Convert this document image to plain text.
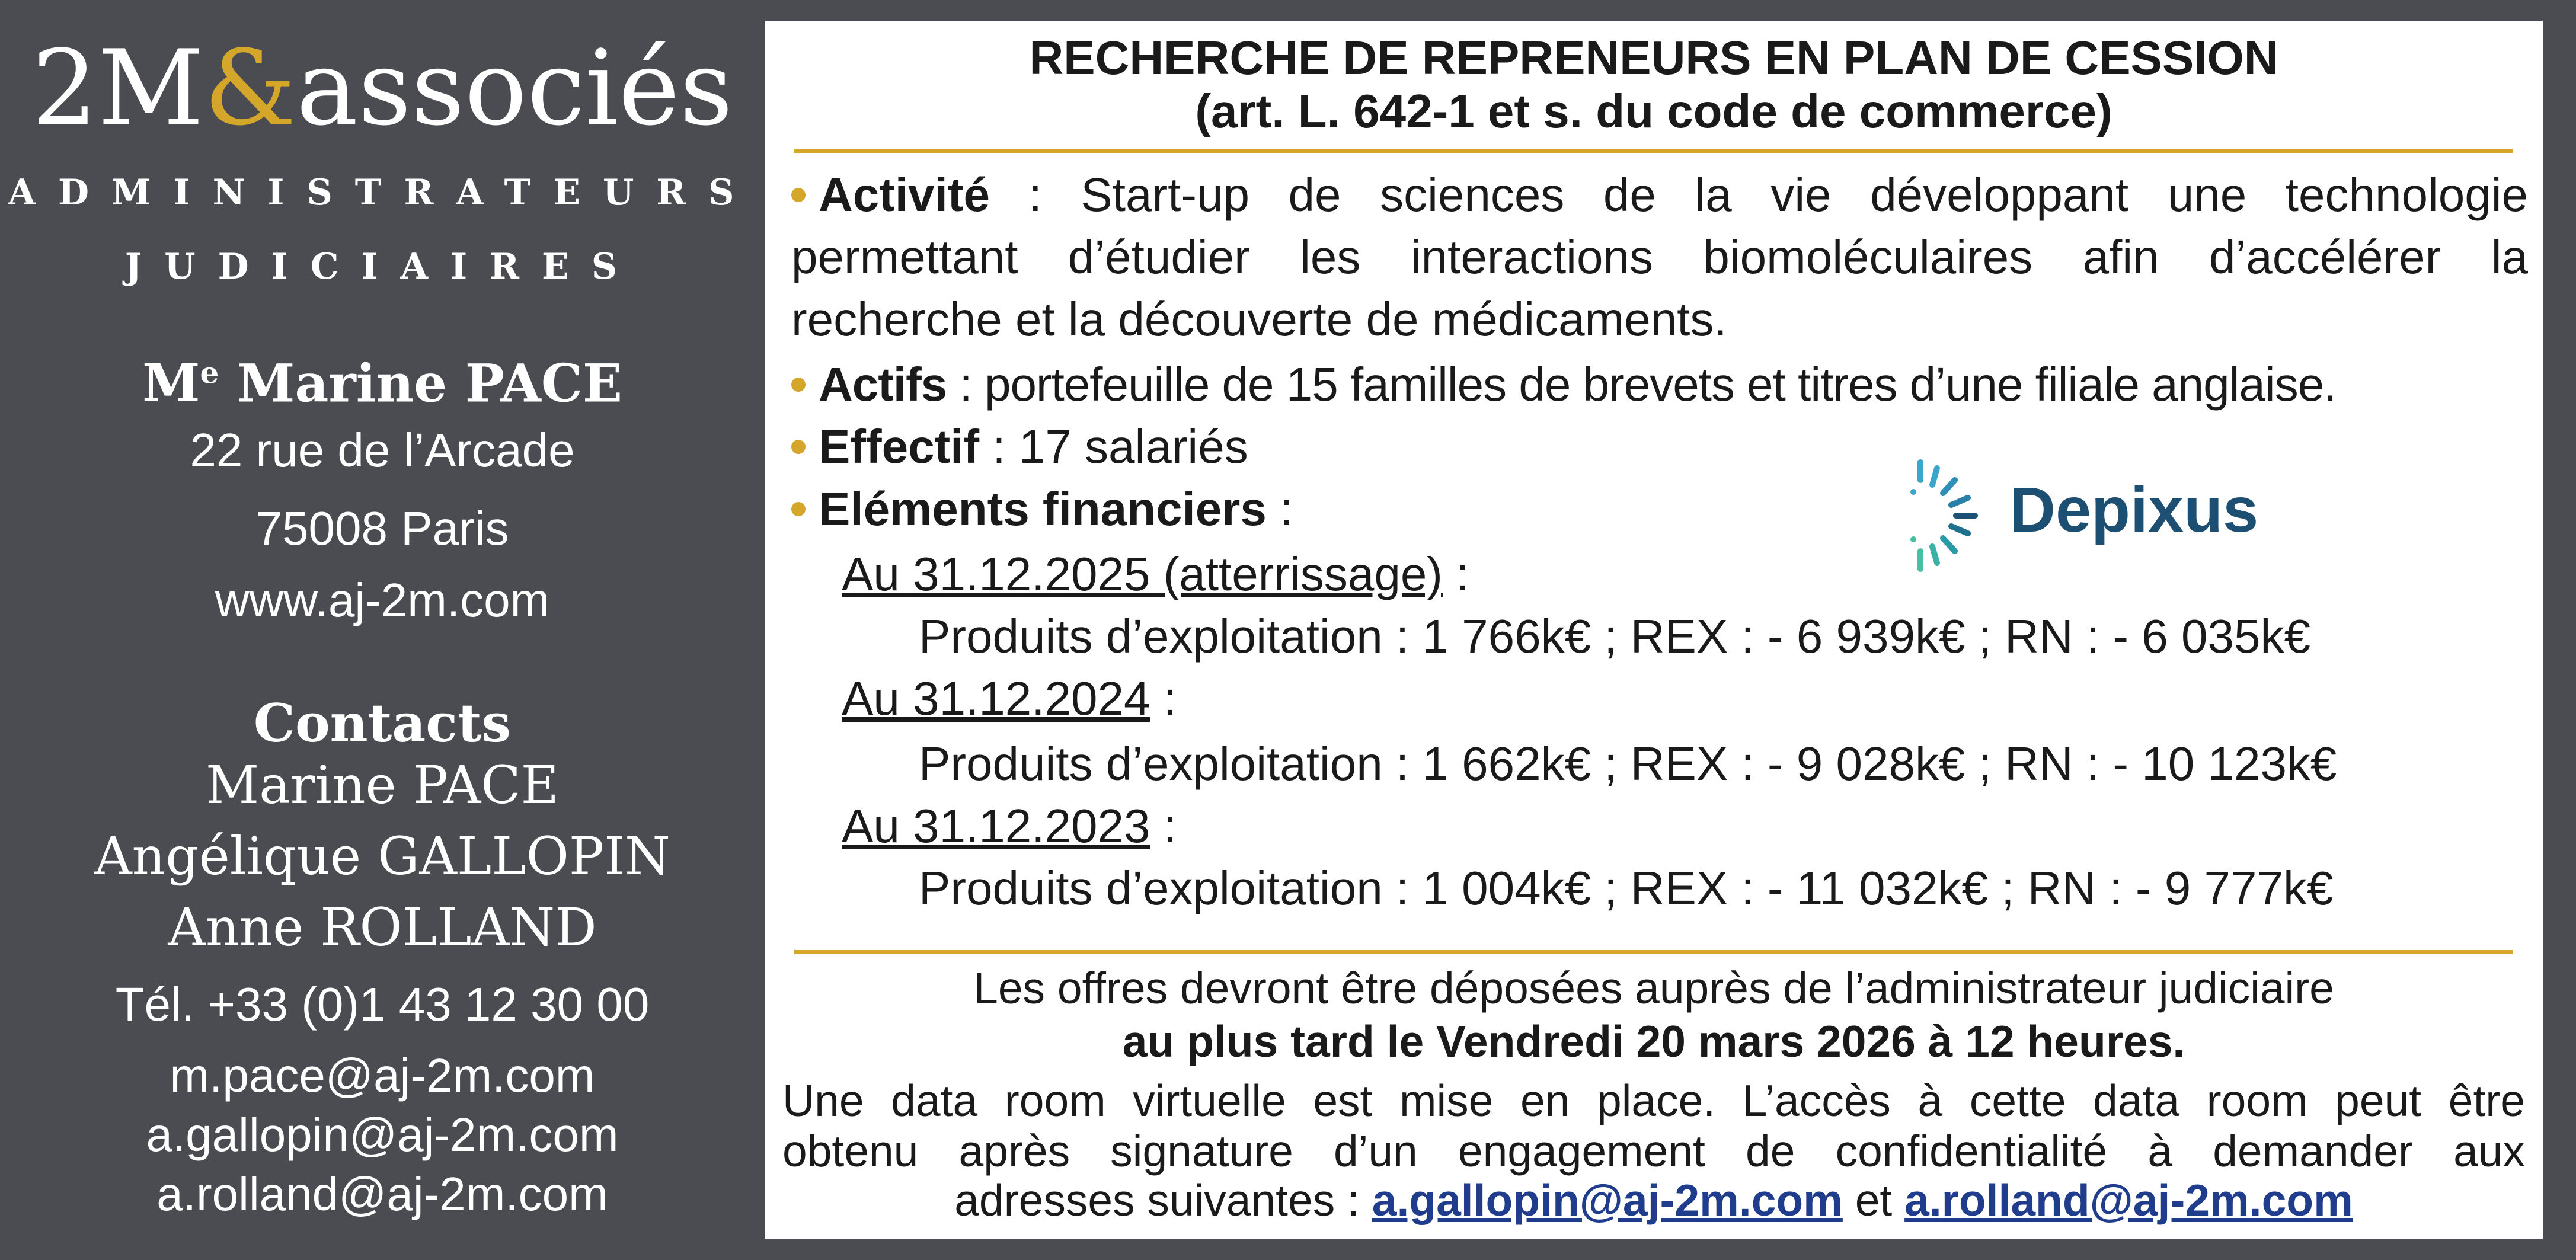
2M&associés
ADMINISTRATEURS
JUDICIAIRES
Me Marine PACE
22 rue de l’Arcade
75008 Paris
www.aj-2m.com
Contacts
Marine PACE
Angélique GALLOPIN
Anne ROLLAND
Tél. +33 (0)1 43 12 30 00
m.pace@aj-2m.com
a.gallopin@aj-2m.com
a.rolland@aj-2m.com
RECHERCHE DE REPRENEURS EN PLAN DE CESSION
(art. L. 642-1 et s. du code de commerce)
Activité : Start-up de sciences de la vie développant une technologie
permettant d’étudier les interactions biomoléculaires afin d’accélérer la
recherche et la découverte de médicaments.
Actifs : portefeuille de 15 familles de brevets et titres d’une filiale anglaise.
Effectif : 17 salariés
Eléments financiers :
Au 31.12.2025 (atterrissage) :
Produits d’exploitation : 1 766k€ ; REX : - 6 939k€ ; RN : - 6 035k€
Au 31.12.2024 :
Produits d’exploitation : 1 662k€ ; REX : - 9 028k€ ; RN : - 10 123k€
Au 31.12.2023 :
Produits d’exploitation : 1 004k€ ; REX : - 11 032k€ ; RN : - 9 777k€
Depixus
Les offres devront être déposées auprès de l’administrateur judiciaire
au plus tard le Vendredi 20 mars 2026 à 12 heures.
Une data room virtuelle est mise en place. L’accès à cette data room peut être
obtenu après signature d’un engagement de confidentialité à demander aux
adresses suivantes : a.gallopin@aj-2m.com et a.rolland@aj-2m.com
